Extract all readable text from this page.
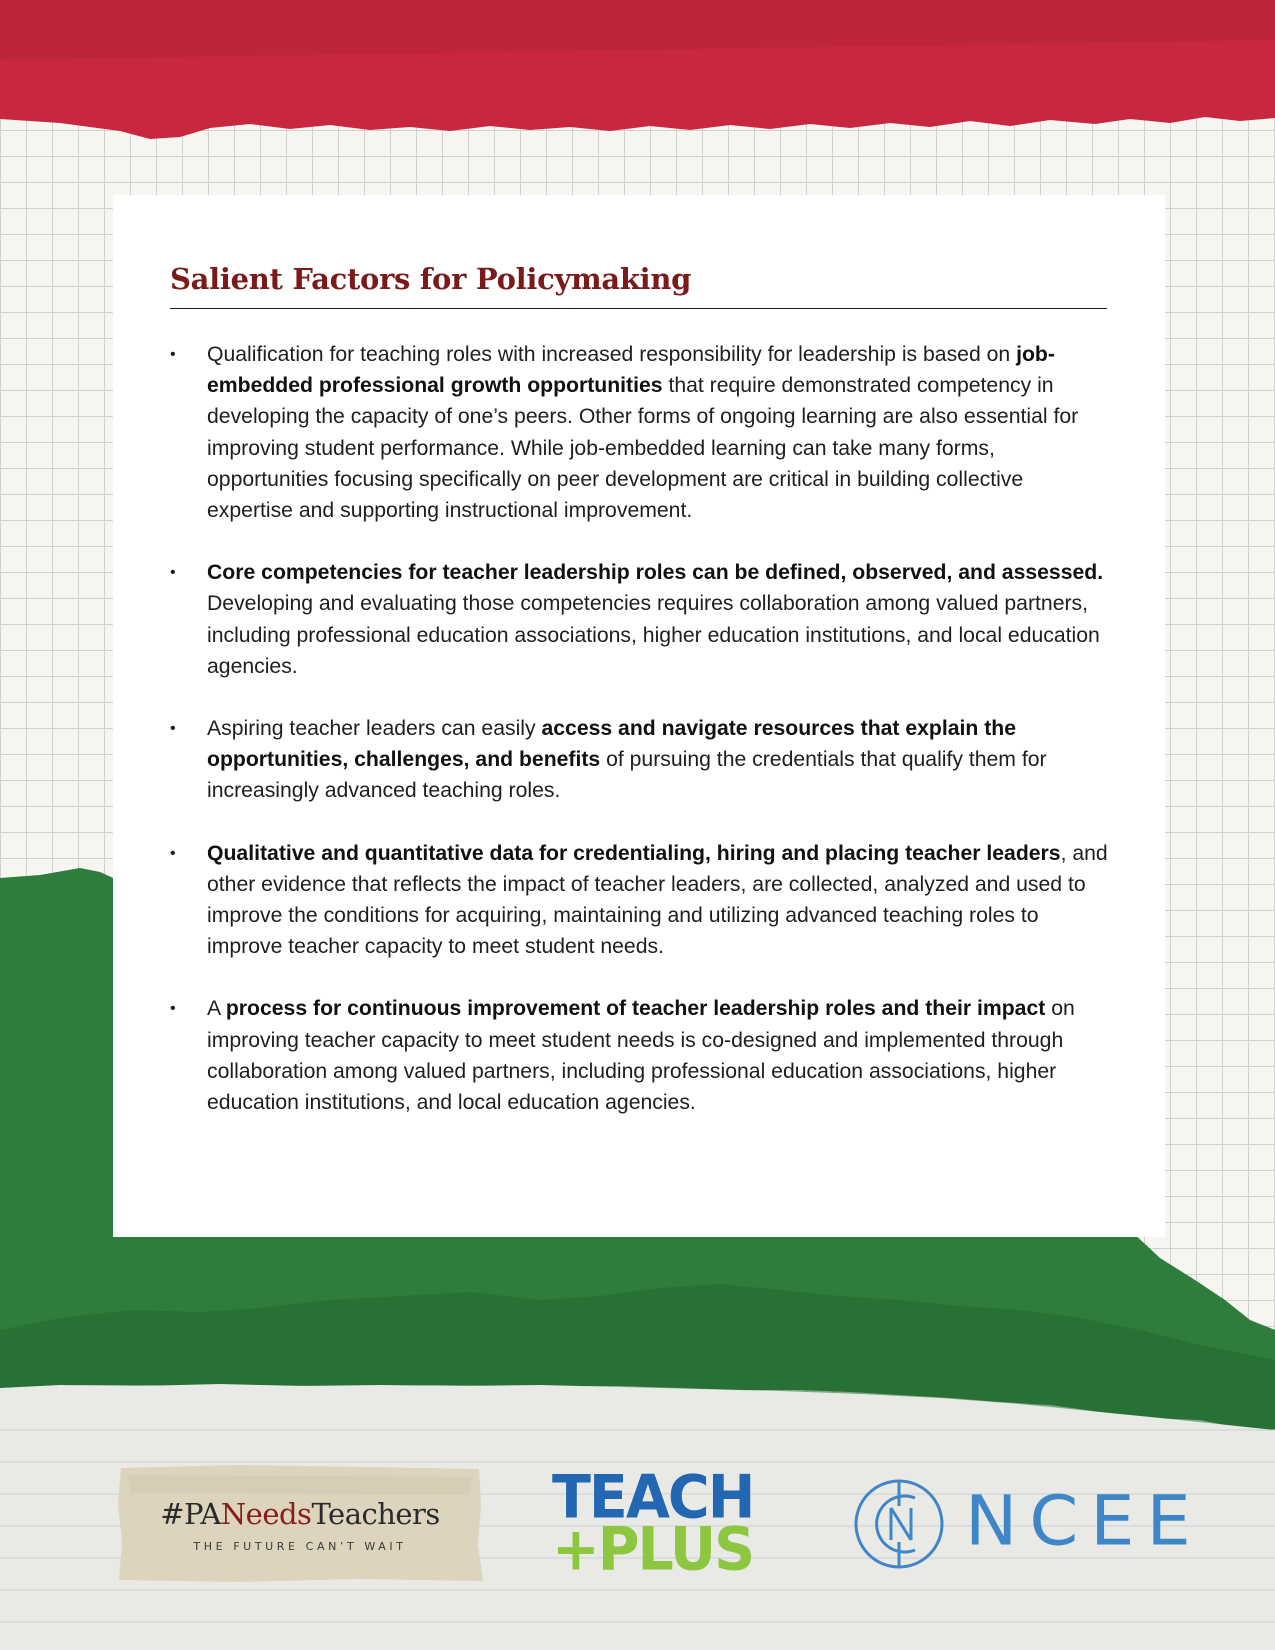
Salient Factors for Policymaking
• Qualification for teaching roles with increased responsibility for leadership is based on job-embedded professional growth opportunities that require demonstrated competency in developing the capacity of one’s peers. Other forms of ongoing learning are also essential for improving student performance. While job-embedded learning can take many forms, opportunities focusing specifically on peer development are critical in building collective expertise and supporting instructional improvement.
• Core competencies for teacher leadership roles can be defined, observed, and assessed. Developing and evaluating those competencies requires collaboration among valued partners, including professional education associations, higher education institutions, and local education agencies.
• Aspiring teacher leaders can easily access and navigate resources that explain the opportunities, challenges, and benefits of pursuing the credentials that qualify them for increasingly advanced teaching roles.
• Qualitative and quantitative data for credentialing, hiring and placing teacher leaders, and other evidence that reflects the impact of teacher leaders, are collected, analyzed and used to improve the conditions for acquiring, maintaining and utilizing advanced teaching roles to improve teacher capacity to meet student needs.
• A process for continuous improvement of teacher leadership roles and their impact on improving teacher capacity to meet student needs is co-designed and implemented through collaboration among valued partners, including professional education associations, higher education institutions, and local education agencies.
#PANeedsTeachers
THE FUTURE CAN’T WAIT
TEACH
+PLUS	NCEE
